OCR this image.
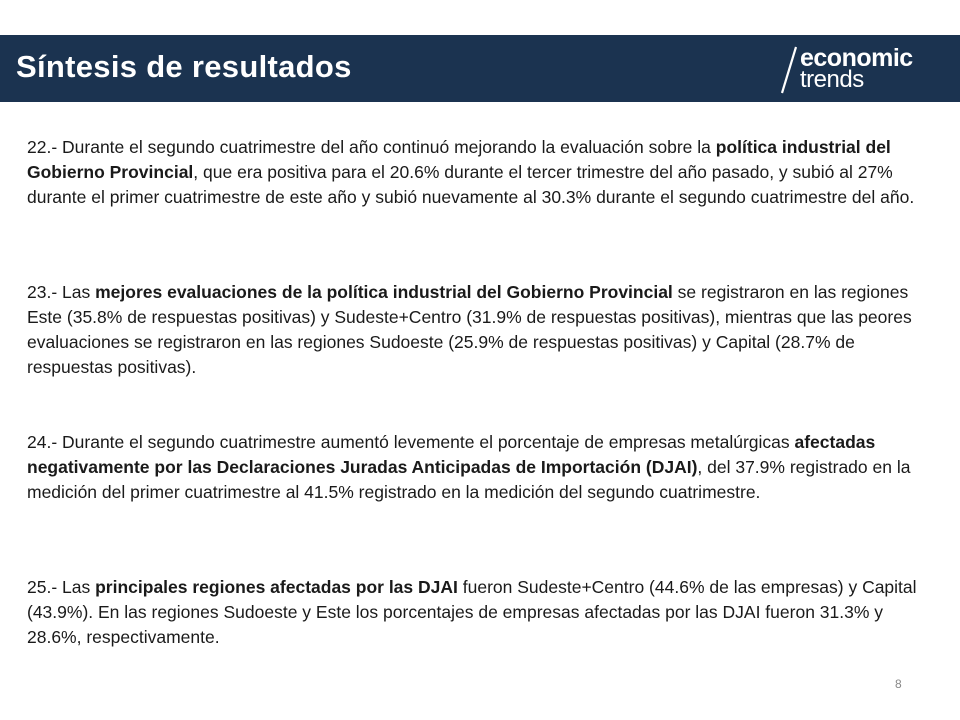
Síntesis de resultados	economic
trends

22.- Durante el segundo cuatrimestre del año continuó mejorando la evaluación sobre la política industrial del Gobierno Provincial, que era positiva para el 20.6% durante el tercer trimestre del año pasado, y subió al 27% durante el primer cuatrimestre de este año y subió nuevamente al 30.3% durante el segundo cuatrimestre del año.

23.- Las mejores evaluaciones de la política industrial del Gobierno Provincial se registraron en las regiones Este (35.8% de respuestas positivas) y Sudeste+Centro (31.9% de respuestas positivas), mientras que las peores evaluaciones se registraron en las regiones Sudoeste (25.9% de respuestas positivas) y Capital (28.7% de respuestas positivas).

24.- Durante el segundo cuatrimestre aumentó levemente el porcentaje de empresas metalúrgicas afectadas negativamente por las Declaraciones Juradas Anticipadas de Importación (DJAI), del 37.9% registrado en la medición del primer cuatrimestre al 41.5% registrado en la medición del segundo cuatrimestre.

25.- Las principales regiones afectadas por las DJAI fueron Sudeste+Centro (44.6% de las empresas) y Capital (43.9%). En las regiones Sudoeste y Este los porcentajes de empresas afectadas por las DJAI fueron 31.3% y 28.6%, respectivamente.

8
